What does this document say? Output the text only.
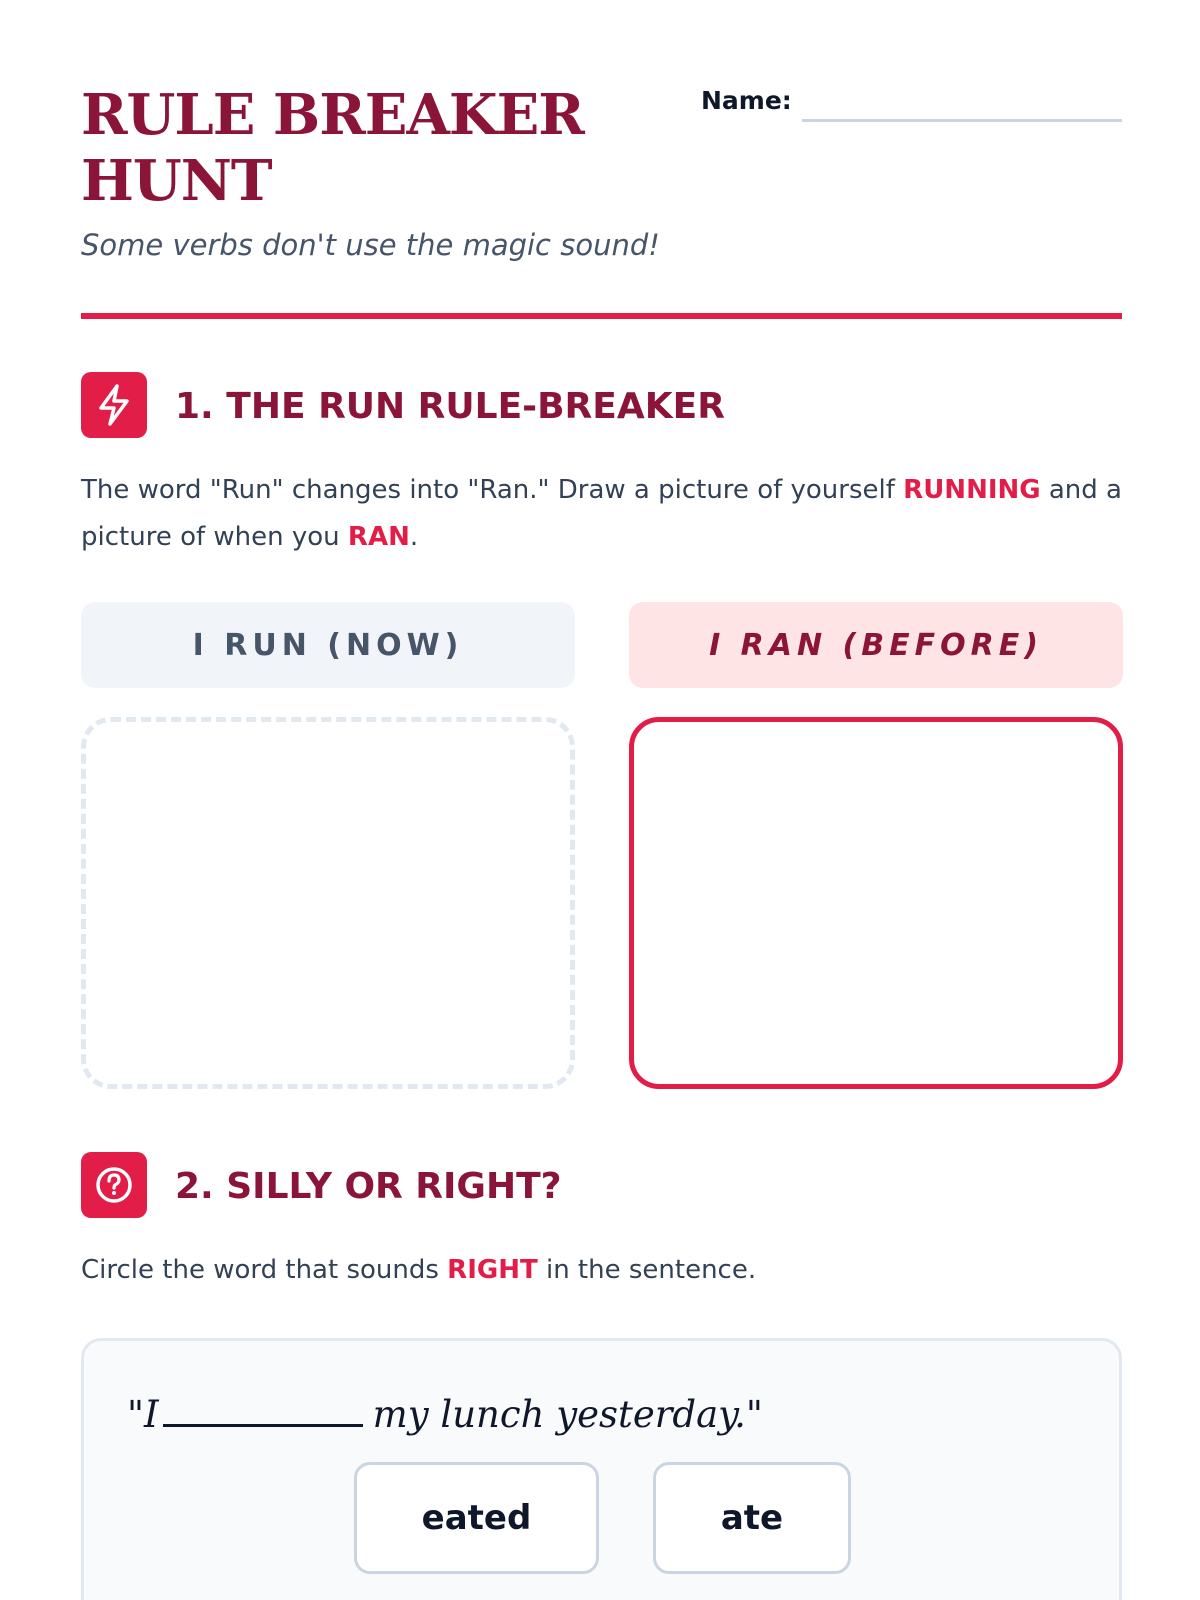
RULE BREAKER HUNT

Some verbs don't use the magic sound!

Name:
1. THE RUN RULE-BREAKER

The word "Run" changes into "Ran." Draw a picture of yourself RUNNING and a picture of when you RAN.

I RUN (NOW)	I RAN (BEFORE)
2. SILLY OR RIGHT?

Circle the word that sounds RIGHT in the sentence.

"I	my lunch yesterday."

eated	ate
